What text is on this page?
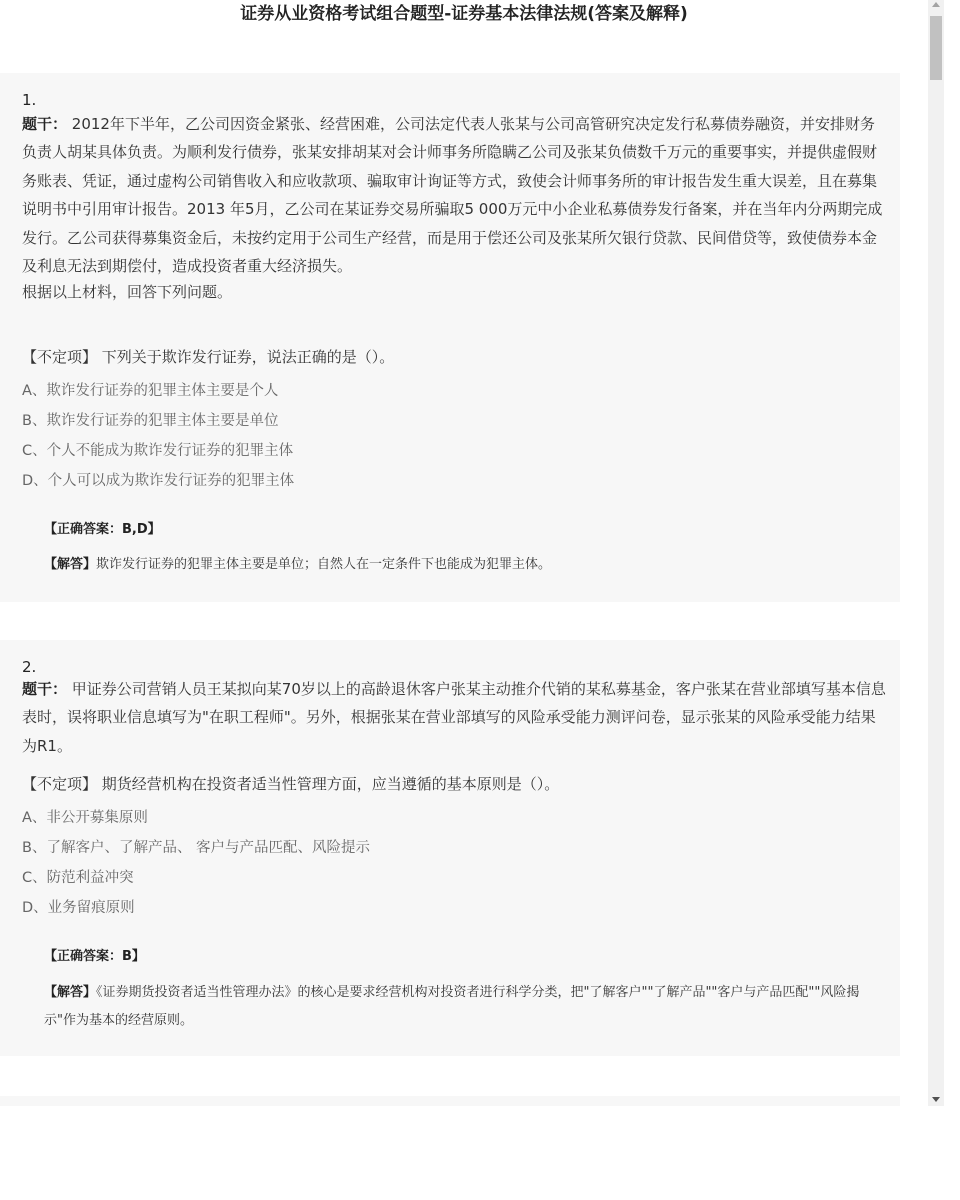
证券从业资格考试组合题型-证券基本法律法规(答案及解释)
1.

题干： 2012年下半年，乙公司因资金紧张、经营困难，公司法定代表人张某与公司高管研究决定发行私募债券融资，并安排财务负责人胡某具体负责。为顺利发行债券，张某安排胡某对会计师事务所隐瞒乙公司及张某负债数千万元的重要事实，并提供虚假财务账表、凭证，通过虚构公司销售收入和应收款项、骗取审计询证等方式，致使会计师事务所的审计报告发生重大误差，且在募集说明书中引用审计报告。2013 年5月，乙公司在某证券交易所骗取5 000万元中小企业私募债券发行备案，并在当年内分两期完成发行。乙公司获得募集资金后，未按约定用于公司生产经营，而是用于偿还公司及张某所欠银行贷款、民间借贷等，致使债券本金及利息无法到期偿付，造成投资者重大经济损失。

根据以上材料，回答下列问题。
【不定项】 下列关于欺诈发行证券，说法正确的是（）。
A、欺诈发行证券的犯罪主体主要是个人
B、欺诈发行证券的犯罪主体主要是单位
C、个人不能成为欺诈发行证券的犯罪主体
D、个人可以成为欺诈发行证券的犯罪主体
【正确答案：B,D】
【解答】欺诈发行证券的犯罪主体主要是单位；自然人在一定条件下也能成为犯罪主体。
2.

题干： 甲证券公司营销人员王某拟向某70岁以上的高龄退休客户张某主动推介代销的某私募基金，客户张某在营业部填写基本信息表时，误将职业信息填写为"在职工程师"。另外，根据张某在营业部填写的风险承受能力测评问卷，显示张某的风险承受能力结果为R1。

【不定项】 期货经营机构在投资者适当性管理方面，应当遵循的基本原则是（）。
A、非公开募集原则
B、了解客户、了解产品、 客户与产品匹配、风险提示
C、防范利益冲突
D、业务留痕原则
【正确答案：B】
【解答】《证券期货投资者适当性管理办法》的核心是要求经营机构对投资者进行科学分类，把"了解客户""了解产品""客户与产品匹配""风险揭示"作为基本的经营原则。
